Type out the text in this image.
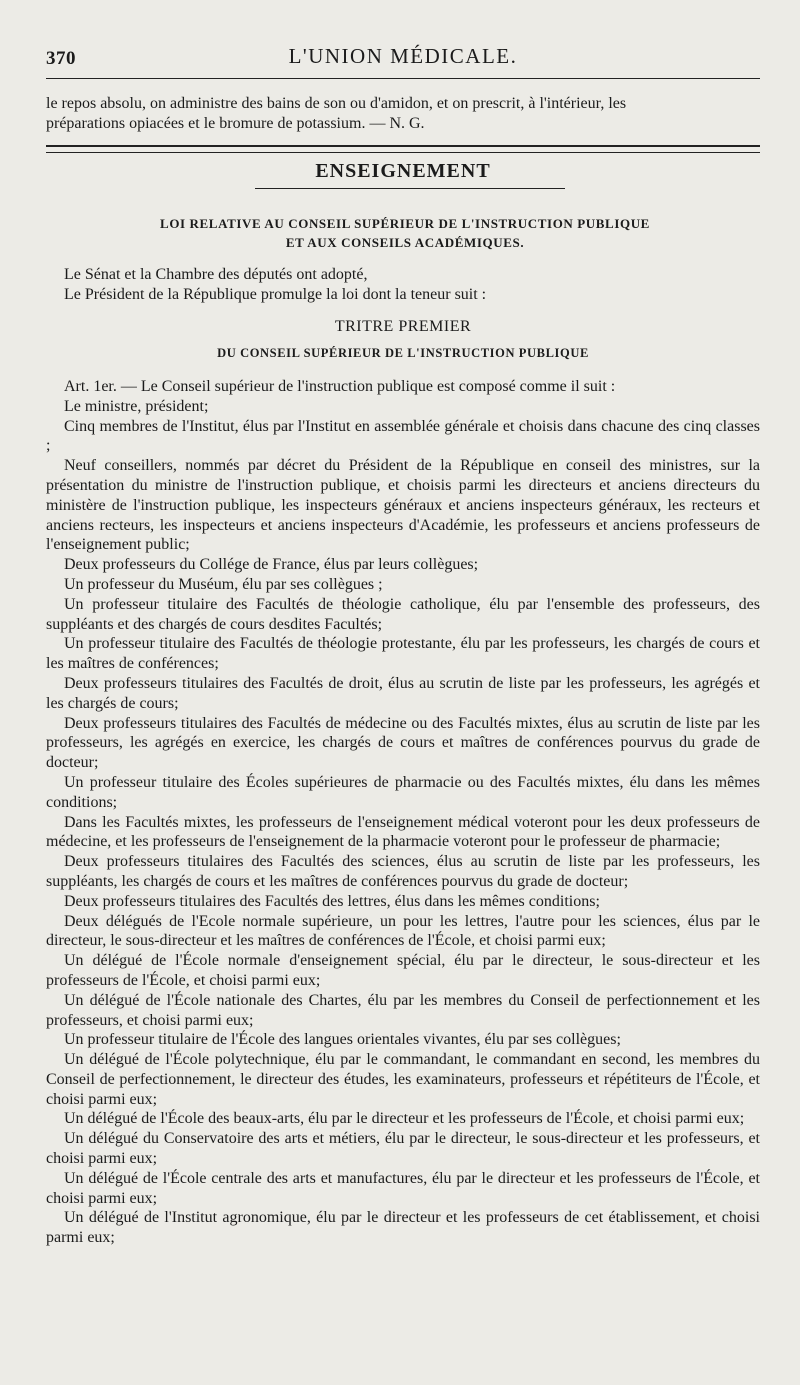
370	L'UNION MÉDICALE.

le repos absolu, on administre des bains de son ou d'amidon, et on prescrit, à l'intérieur, les

préparations opiacées et le bromure de potassium. — N. G.

ENSEIGNEMENT
LOI RELATIVE AU CONSEIL SUPÉRIEUR DE L'INSTRUCTION PUBLIQUE
ET AUX CONSEILS ACADÉMIQUES.

Le Sénat et la Chambre des députés ont adopté,

Le Président de la République promulge la loi dont la teneur suit :

TRITRE PREMIER
DU CONSEIL SUPÉRIEUR DE L'INSTRUCTION PUBLIQUE

Art. 1er. — Le Conseil supérieur de l'instruction publique est composé comme il suit :

Le ministre, président;

Cinq membres de l'Institut, élus par l'Institut en assemblée générale et choisis dans chacune des cinq classes ;

Neuf conseillers, nommés par décret du Président de la République en conseil des ministres, sur la présentation du ministre de l'instruction publique, et choisis parmi les directeurs et anciens directeurs du ministère de l'instruction publique, les inspecteurs généraux et anciens inspecteurs généraux, les recteurs et anciens recteurs, les inspecteurs et anciens inspecteurs d'Académie, les professeurs et anciens professeurs de l'enseignement public;

Deux professeurs du Collége de France, élus par leurs collègues;

Un professeur du Muséum, élu par ses collègues ;

Un professeur titulaire des Facultés de théologie catholique, élu par l'ensemble des professeurs, des suppléants et des chargés de cours desdites Facultés;

Un professeur titulaire des Facultés de théologie protestante, élu par les professeurs, les chargés de cours et les maîtres de conférences;

Deux professeurs titulaires des Facultés de droit, élus au scrutin de liste par les professeurs, les agrégés et les chargés de cours;

Deux professeurs titulaires des Facultés de médecine ou des Facultés mixtes, élus au scrutin de liste par les professeurs, les agrégés en exercice, les chargés de cours et maîtres de conférences pourvus du grade de docteur;

Un professeur titulaire des Écoles supérieures de pharmacie ou des Facultés mixtes, élu dans les mêmes conditions;

Dans les Facultés mixtes, les professeurs de l'enseignement médical voteront pour les deux professeurs de médecine, et les professeurs de l'enseignement de la pharmacie voteront pour le professeur de pharmacie;

Deux professeurs titulaires des Facultés des sciences, élus au scrutin de liste par les professeurs, les suppléants, les chargés de cours et les maîtres de conférences pourvus du grade de docteur;

Deux professeurs titulaires des Facultés des lettres, élus dans les mêmes conditions;

Deux délégués de l'Ecole normale supérieure, un pour les lettres, l'autre pour les sciences, élus par le directeur, le sous-directeur et les maîtres de conférences de l'École, et choisi parmi eux;

Un délégué de l'École normale d'enseignement spécial, élu par le directeur, le sous-directeur et les professeurs de l'École, et choisi parmi eux;

Un délégué de l'École nationale des Chartes, élu par les membres du Conseil de perfectionnement et les professeurs, et choisi parmi eux;

Un professeur titulaire de l'École des langues orientales vivantes, élu par ses collègues;

Un délégué de l'École polytechnique, élu par le commandant, le commandant en second, les membres du Conseil de perfectionnement, le directeur des études, les examinateurs, professeurs et répétiteurs de l'École, et choisi parmi eux;

Un délégué de l'École des beaux-arts, élu par le directeur et les professeurs de l'École, et choisi parmi eux;

Un délégué du Conservatoire des arts et métiers, élu par le directeur, le sous-directeur et les professeurs, et choisi parmi eux;

Un délégué de l'École centrale des arts et manufactures, élu par le directeur et les professeurs de l'École, et choisi parmi eux;

Un délégué de l'Institut agronomique, élu par le directeur et les professeurs de cet établissement, et choisi parmi eux;
